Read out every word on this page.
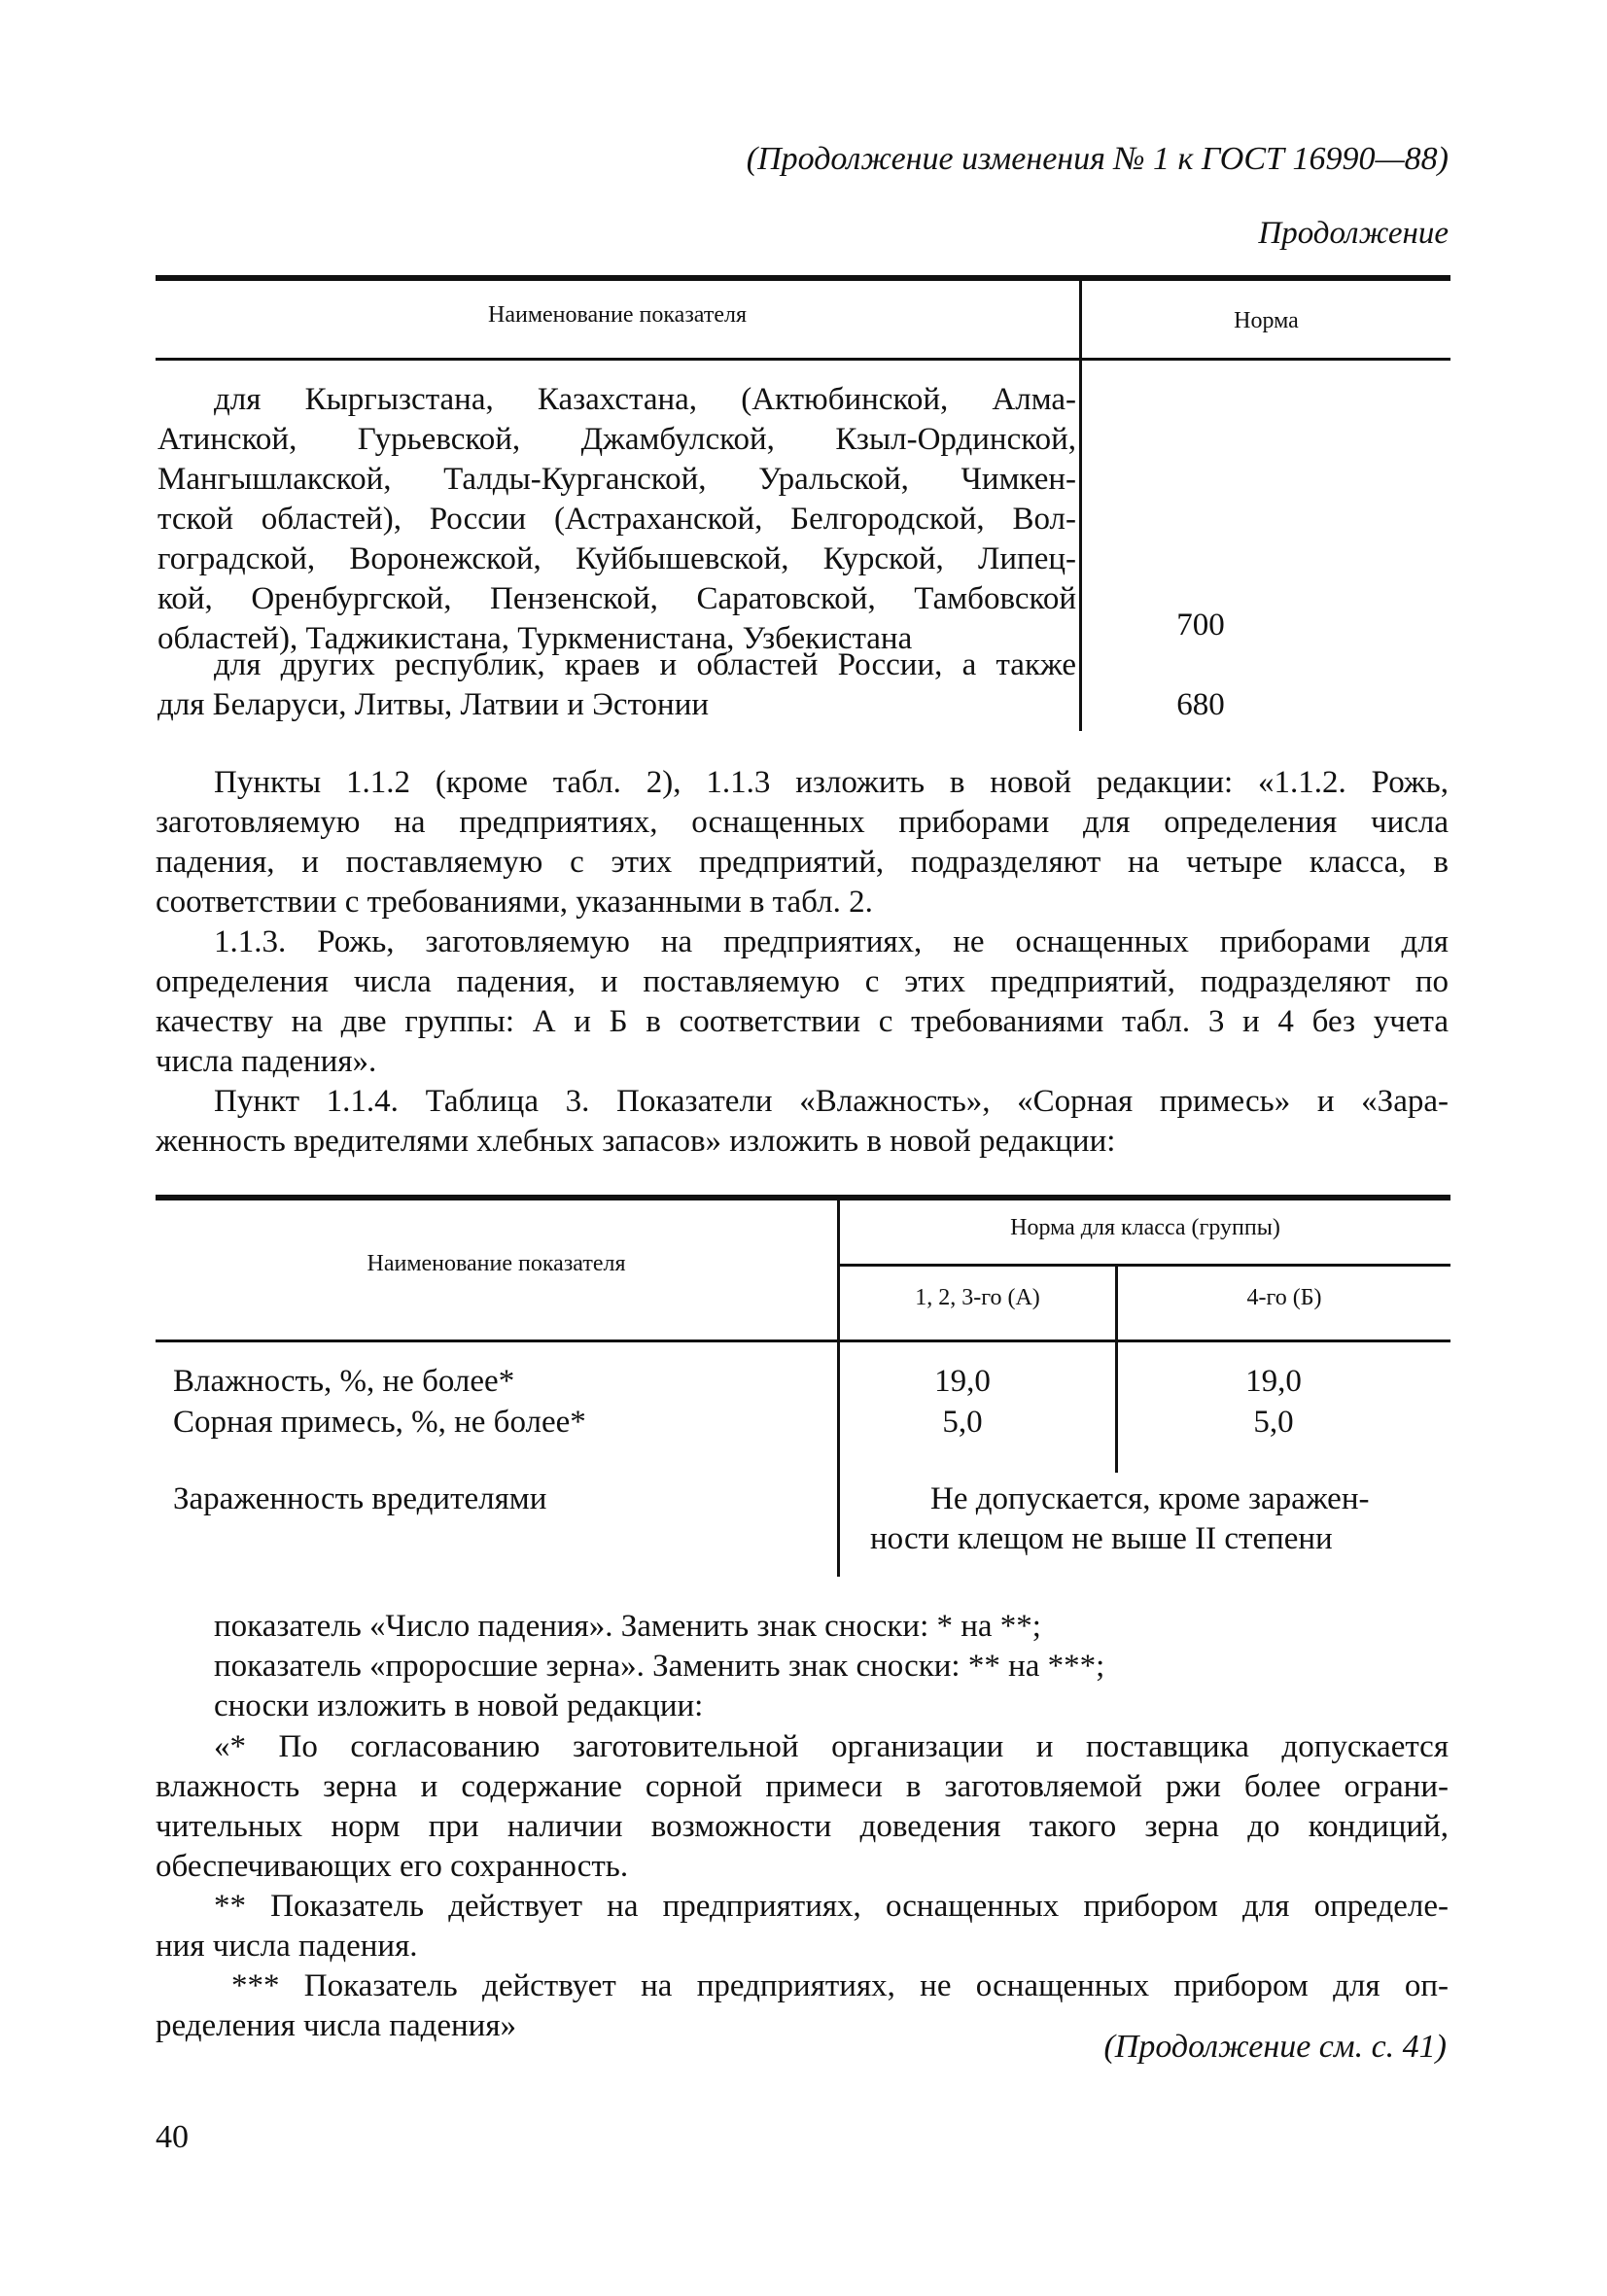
(Продолжение изменения № 1 к ГОСТ 16990—88)
Продолжение
Наименование показателя	Норма
для Кыргызстана, Казахстана, (Актюбинской, Алма-
Атинской, Гурьевской, Джамбулской, Кзыл-Ординской,
Мангышлакской, Талды-Курганской, Уральской, Чимкен-
тской областей), России (Астраханской, Белгородской, Вол-
гоградской, Воронежской, Куйбышевской, Курской, Липец-
кой, Оренбургской, Пензенской, Саратовской, Тамбовской
областей), Таджикистана, Туркменистана, Узбекистана	700
для других республик, краев и областей России, а также
для Беларуси, Литвы, Латвии и Эстонии	680
Пункты 1.1.2 (кроме табл. 2), 1.1.3 изложить в новой редакции: «1.1.2. Рожь,
заготовляемую на предприятиях, оснащенных приборами для определения числа
падения, и поставляемую с этих предприятий, подразделяют на четыре класса, в
соответствии с требованиями, указанными в табл. 2.
1.1.3. Рожь, заготовляемую на предприятиях, не оснащенных приборами для
определения числа падения, и поставляемую с этих предприятий, подразделяют по
качеству на две группы: А и Б в соответствии с требованиями табл. 3 и 4 без учета
числа падения».
Пункт 1.1.4. Таблица 3. Показатели «Влажность», «Сорная примесь» и «Зара-
женность вредителями хлебных запасов» изложить в новой редакции:
Наименование показателя
Норма для класса (группы)
1, 2, 3-го (А)	4-го (Б)
Влажность, %, не более*	19,0	19,0
Сорная примесь, %, не более*	5,0	5,0
Зараженность вредителями	Не допускается, кроме заражен-
ности клещом не выше II степени
показатель «Число падения». Заменить знак сноски: * на **;
показатель «проросшие зерна». Заменить знак сноски: ** на ***;
сноски изложить в новой редакции:
«* По согласованию заготовительной организации и поставщика допускается
влажность зерна и содержание сорной примеси в заготовляемой ржи более ограни-
чительных норм при наличии возможности доведения такого зерна до кондиций,
обеспечивающих его сохранность.
** Показатель действует на предприятиях, оснащенных прибором для определе-
ния числа падения.
*** Показатель действует на предприятиях, не оснащенных прибором для оп-
ределения числа падения»
(Продолжение см. с. 41)
40
